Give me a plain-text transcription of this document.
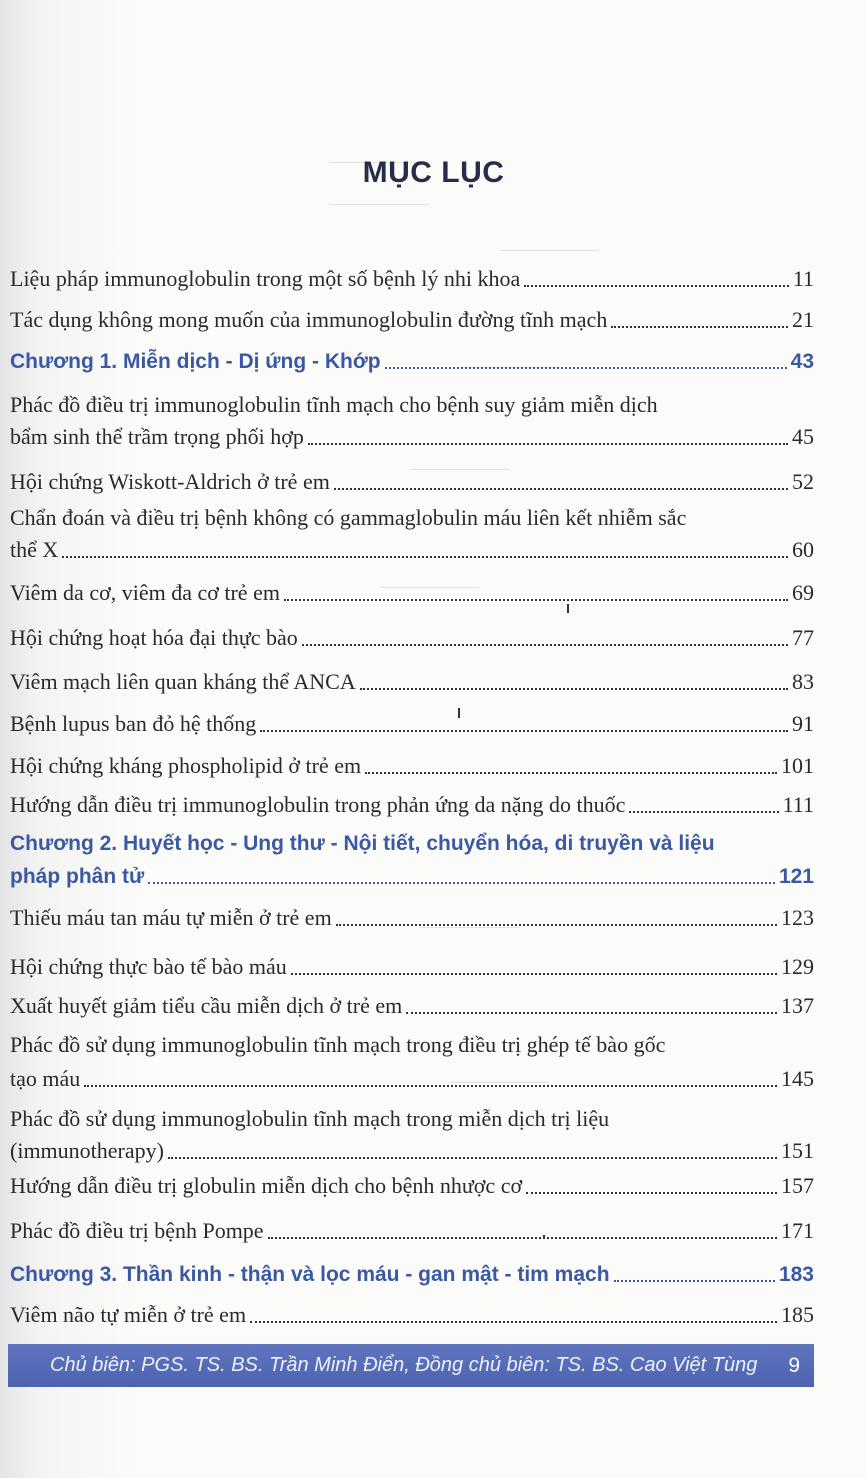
_________
_________
_________
_________
_________
_________
_________
_________
MỤC LỤC
Liệu pháp immunoglobulin trong một số bệnh lý nhi khoa	11
Tác dụng không mong muốn của immunoglobulin đường tĩnh mạch	21
Chương 1. Miễn dịch - Dị ứng - Khớp	43
Phác đồ điều trị immunoglobulin tĩnh mạch cho bệnh suy giảm miễn dịch
bẩm sinh thể trầm trọng phối hợp	45
Hội chứng Wiskott-Aldrich ở trẻ em	52
Chẩn đoán và điều trị bệnh không có gammaglobulin máu liên kết nhiễm sắc
thể X	60
Viêm da cơ, viêm đa cơ trẻ em	69
Hội chứng hoạt hóa đại thực bào	77
Viêm mạch liên quan kháng thể ANCA	83
Bệnh lupus ban đỏ hệ thống	91
Hội chứng kháng phospholipid ở trẻ em	101
Hướng dẫn điều trị immunoglobulin trong phản ứng da nặng do thuốc	111
Chương 2. Huyết học - Ung thư - Nội tiết, chuyển hóa, di truyền và liệu
pháp phân tử	121
Thiếu máu tan máu tự miễn ở trẻ em	123
Hội chứng thực bào tế bào máu	129
Xuất huyết giảm tiểu cầu miễn dịch ở trẻ em	137
Phác đồ sử dụng immunoglobulin tĩnh mạch trong điều trị ghép tế bào gốc
tạo máu	145
Phác đồ sử dụng immunoglobulin tĩnh mạch trong miễn dịch trị liệu
(immunotherapy)	151
Hướng dẫn điều trị globulin miễn dịch cho bệnh nhược cơ	157
Phác đồ điều trị bệnh Pompe	171
Chương 3. Thần kinh - thận và lọc máu - gan mật - tim mạch	183
Viêm não tự miễn ở trẻ em	185
Chủ biên: PGS. TS. BS. Trần Minh Điển, Đồng chủ biên: TS. BS. Cao Việt Tùng 9
